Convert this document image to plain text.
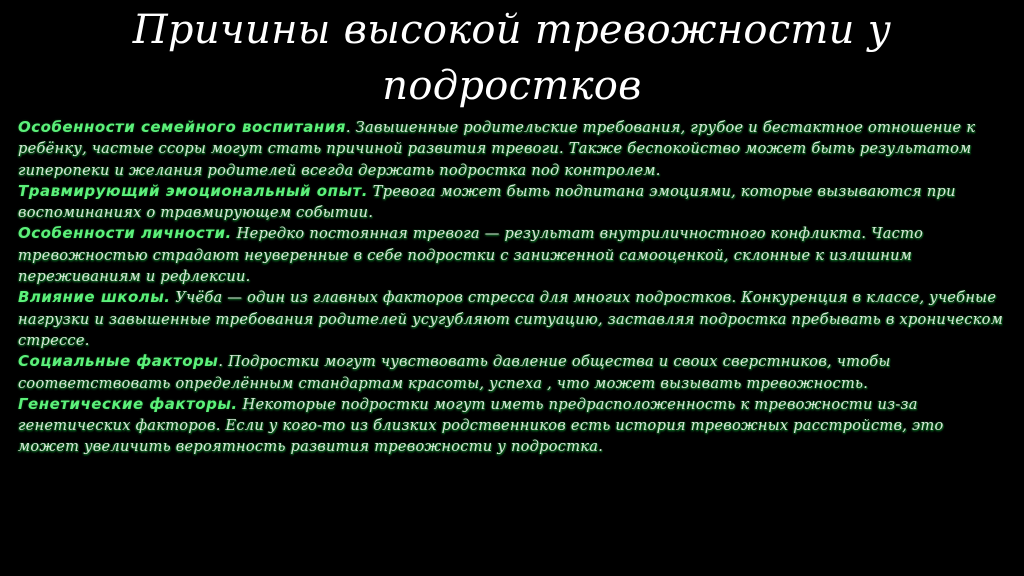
Причины высокой тревожности у
подростков

Особенности семейного воспитания. Завышенные родительские требования, грубое и бестактное отношение к ребёнку, частые ссоры могут стать причиной развития тревоги. Также беспокойство может быть результатом гиперопеки и желания родителей всегда держать подростка под контролем.

Травмирующий эмоциональный опыт. Тревога может быть подпитана эмоциями, которые вызываются при воспоминаниях о травмирующем событии.

Особенности личности. Нередко постоянная тревога — результат внутриличностного конфликта. Часто тревожностью страдают неуверенные в себе подростки с заниженной самооценкой, склонные к излишним переживаниям и рефлексии.

Влияние школы. Учёба — один из главных факторов стресса для многих подростков. Конкуренция в классе, учебные нагрузки и завышенные требования родителей усугубляют ситуацию, заставляя подростка пребывать в хроническом стрессе.

Социальные факторы. Подростки могут чувствовать давление общества и своих сверстников, чтобы соответствовать определённым стандартам красоты, успеха , что может вызывать тревожность.

Генетические факторы. Некоторые подростки могут иметь предрасположенность к тревожности из-за генетических факторов. Если у кого-то из близких родственников есть история тревожных расстройств, это может увеличить вероятность развития тревожности у подростка.
